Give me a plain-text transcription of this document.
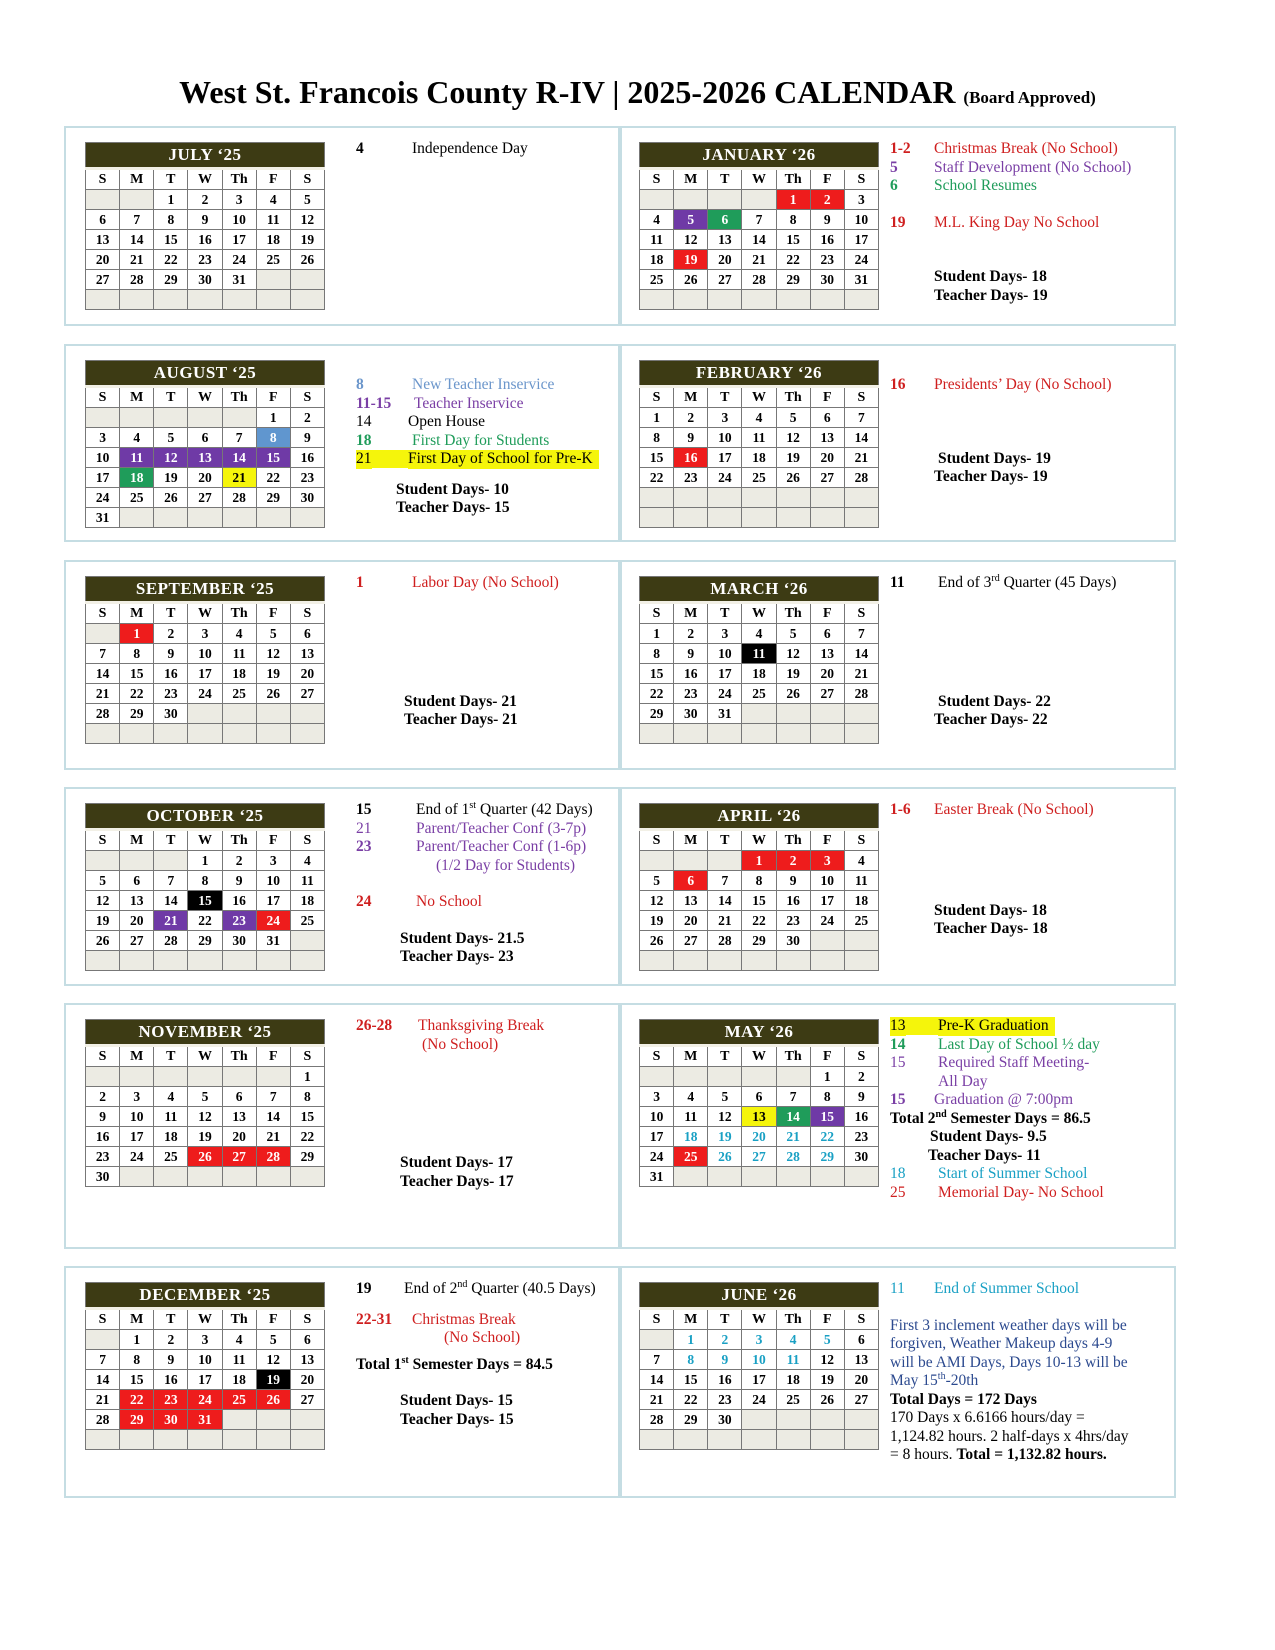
West St. Francois County R-IV | 2025-2026 CALENDAR (Board Approved)
JULY ‘25						
S	M	T	W	Th	F	S
		1	2	3	4	5
6	7	8	9	10	11	12
13	14	15	16	17	18	19
20	21	22	23	24	25	26
27	28	29	30	31		

4	Independence Day	JANUARY ‘26						
S	M	T	W	Th	F	S
				1	2	3
4	5	6	7	8	9	10
11	12	13	14	15	16	17
18	19	20	21	22	23	24
25	26	27	28	29	30	31

1-2 Christmas Break (No School)
5 Staff Development (No School)
6 School Resumes
19 M.L. King Day No School
Student Days- 18
Teacher Days- 19
AUGUST ‘25						
S	M	T	W	Th	F	S
					1	2
3	4	5	6	7	8	9
10	11	12	13	14	15	16
17	18	19	20	21	22	23
24	25	26	27	28	29	30
31						
8	New Teacher Inservice
11-15 Teacher Inservice
14 Open House
18	First Day for Students
21 First Day of School for Pre-K
Student Days- 10
Teacher Days- 15
FEBRUARY ‘26						
S	M	T	W	Th	F	S
1	2	3	4	5	6	7
8	9	10	11	12	13	14
15	16	17	18	19	20	21
22	23	24	25	26	27	28

16 Presidents’ Day (No School)
Student Days- 19
Teacher Days- 19
SEPTEMBER ‘25						
S	M	T	W	Th	F	S
	1	2	3	4	5	6
7	8	9	10	11	12	13
14	15	16	17	18	19	20
21	22	23	24	25	26	27
28	29	30				

1	Labor Day (No School)
Student Days- 21
Teacher Days- 21
MARCH ‘26						
S	M	T	W	Th	F	S
1	2	3	4	5	6	7
8	9	10	11	12	13	14
15	16	17	18	19	20	21
22	23	24	25	26	27	28
29	30	31				

11 End of 3rd Quarter (45 Days)
Student Days- 22
Teacher Days- 22
OCTOBER ‘25						
S	M	T	W	Th	F	S
			1	2	3	4
5	6	7	8	9	10	11
12	13	14	15	16	17	18
19	20	21	22	23	24	25
26	27	28	29	30	31	

15	End of 1st Quarter (42 Days)
21	Parent/Teacher Conf (3-7p)
23	Parent/Teacher Conf (1-6p)
(1/2 Day for Students)
24	No School
Student Days- 21.5
Teacher Days- 23
APRIL ‘26						
S	M	T	W	Th	F	S
			1	2	3	4
5	6	7	8	9	10	11
12	13	14	15	16	17	18
19	20	21	22	23	24	25
26	27	28	29	30		

1-6 Easter Break (No School)
Student Days- 18
Teacher Days- 18
NOVEMBER ‘25						
S	M	T	W	Th	F	S
						1
2	3	4	5	6	7	8
9	10	11	12	13	14	15
16	17	18	19	20	21	22
23	24	25	26	27	28	29
30						
26-28 Thanksgiving Break
(No School)
Student Days- 17
Teacher Days- 17
MAY ‘26						
S	M	T	W	Th	F	S
					1	2
3	4	5	6	7	8	9
10	11	12	13	14	15	16
17	18	19	20	21	22	23
24	25	26	27	28	29	30
31						
13 Pre-K Graduation
14 Last Day of School ½ day
15 Required Staff Meeting-
All Day
15 Graduation @ 7:00pm
Total 2nd Semester Days = 86.5
Student Days- 9.5
Teacher Days- 11
18 Start of Summer School
25 Memorial Day- No School
DECEMBER ‘25						
S	M	T	W	Th	F	S
	1	2	3	4	5	6
7	8	9	10	11	12	13
14	15	16	17	18	19	20
21	22	23	24	25	26	27
28	29	30	31			

19 End of 2nd Quarter (40.5 Days)
22-31 Christmas Break
(No School)
Total 1st Semester Days = 84.5
Student Days- 15
Teacher Days- 15
JUNE ‘26						
S	M	T	W	Th	F	S
	1	2	3	4	5	6
7	8	9	10	11	12	13
14	15	16	17	18	19	20
21	22	23	24	25	26	27
28	29	30				

11 End of Summer School
First 3 inclement weather days will be
forgiven, Weather Makeup days 4-9
will be AMI Days, Days 10-13 will be
May 15th-20th
Total Days = 172 Days
170 Days x 6.6166 hours/day =
1,124.82 hours. 2 half-days x 4hrs/day
= 8 hours. Total = 1,132.82 hours.
